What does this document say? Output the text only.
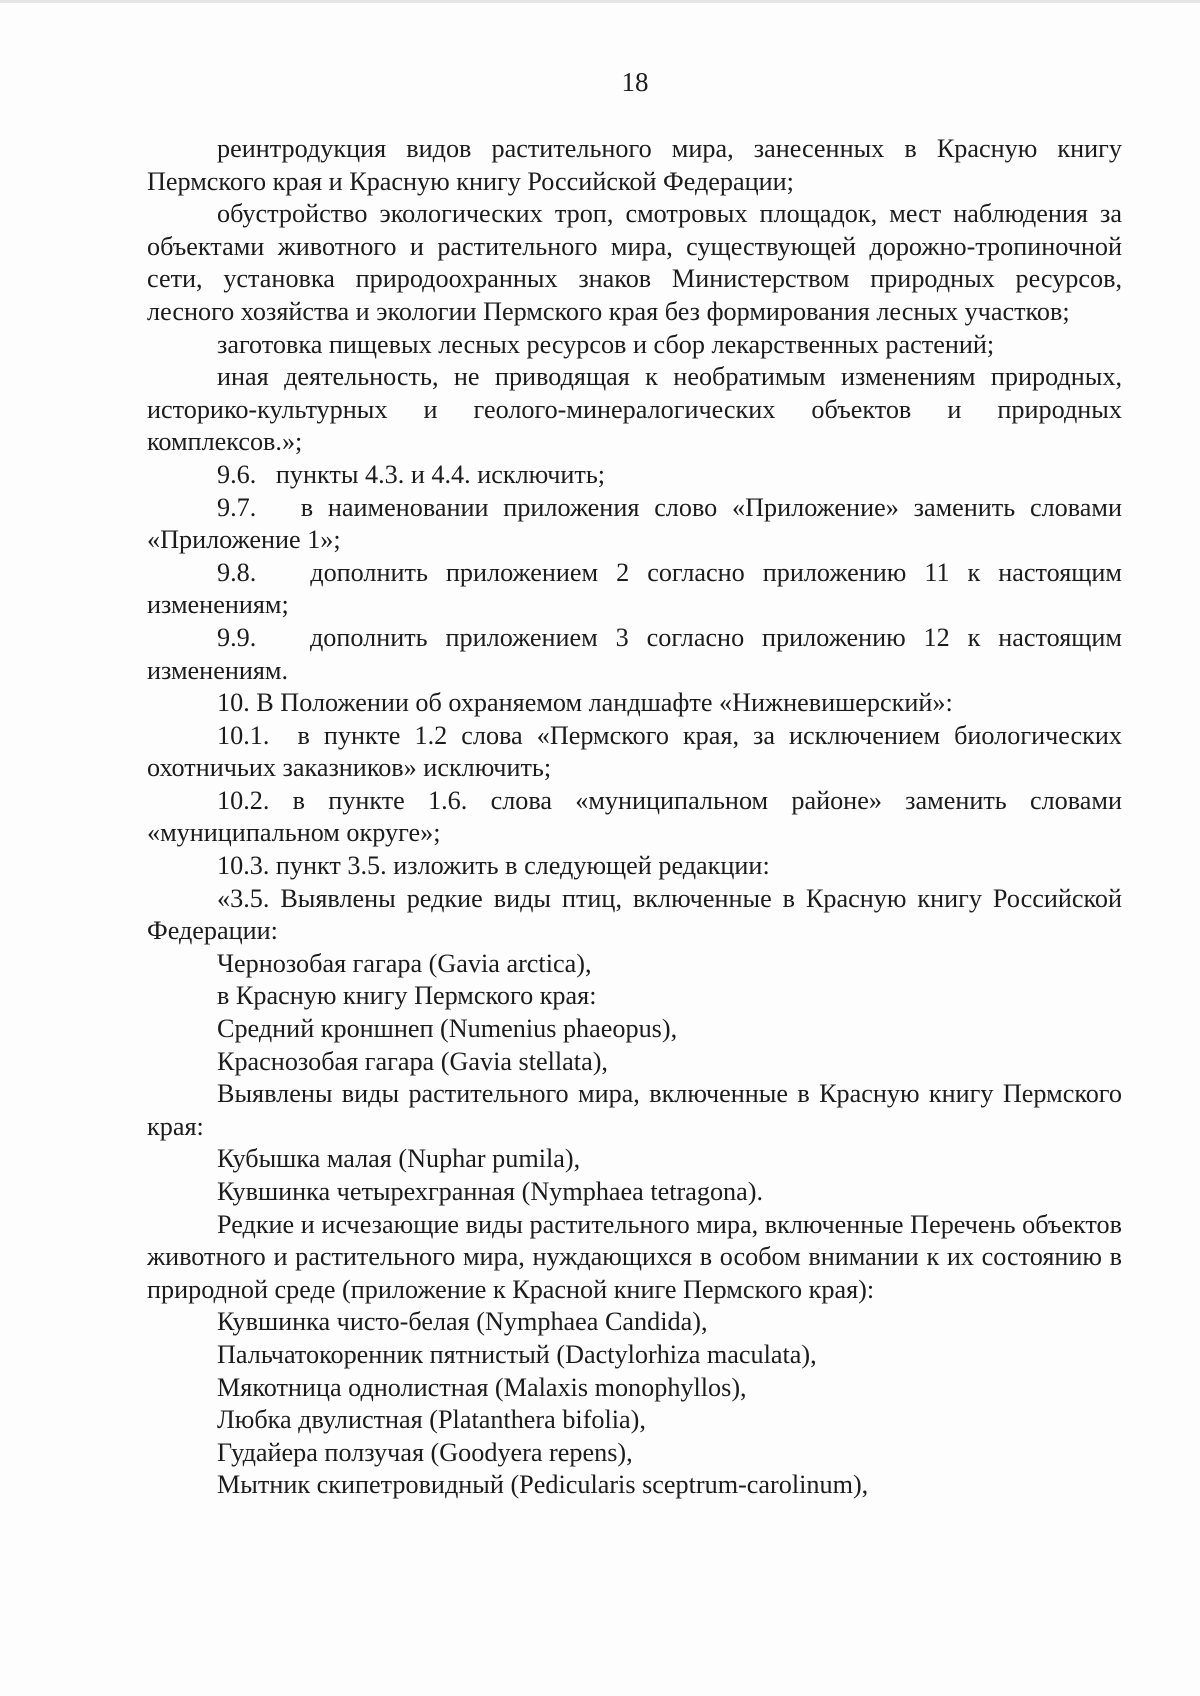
18

реинтродукция видов растительного мира, занесенных в Красную книгу Пермского края и Красную книгу Российской Федерации;

обустройство экологических троп, смотровых площадок, мест наблюдения за объектами животного и растительного мира, существующей дорожно-тропиночной сети, установка природоохранных знаков Министерством природных ресурсов, лесного хозяйства и экологии Пермского края без формирования лесных участков;

заготовка пищевых лесных ресурсов и сбор лекарственных растений;

иная деятельность, не приводящая к необратимым изменениям природных, историко-культурных и геолого-минералогических объектов и природных комплексов.»;

9.6.   пункты 4.3. и 4.4. исключить;

9.7.   в наименовании приложения слово «Приложение» заменить словами «Приложение 1»;

9.8.   дополнить приложением 2 согласно приложению 11 к настоящим изменениям;

9.9.   дополнить приложением 3 согласно приложению 12 к настоящим изменениям.

10. В Положении об охраняемом ландшафте «Нижневишерский»:

10.1.  в пункте 1.2 слова «Пермского края, за исключением биологических охотничьих заказников» исключить;

10.2. в пункте 1.6. слова «муниципальном районе» заменить словами «муниципальном округе»;

10.3. пункт 3.5. изложить в следующей редакции:

«3.5. Выявлены редкие виды птиц, включенные в Красную книгу Российской Федерации:

Чернозобая гагара (Gavia arctica),

в Красную книгу Пермского края:

Средний кроншнеп (Numenius phaeopus),

Краснозобая гагара (Gavia stellata),

Выявлены виды растительного мира, включенные в Красную книгу Пермского края:

Кубышка малая (Nuphar pumila),

Кувшинка четырехгранная (Nymphaea tetragona).

Редкие и исчезающие виды растительного мира, включенные Перечень объектов животного и растительного мира, нуждающихся в особом внимании к их состоянию в природной среде (приложение к Красной книге Пермского края):

Кувшинка чисто-белая (Nymphaea Candida),

Пальчатокоренник пятнистый (Dactylorhiza maculata),

Мякотница однолистная (Malaxis monophyllos),

Любка двулистная (Platanthera bifolia),

Гудайера ползучая (Goodyera repens),

Мытник скипетровидный (Pedicularis sceptrum-carolinum),
